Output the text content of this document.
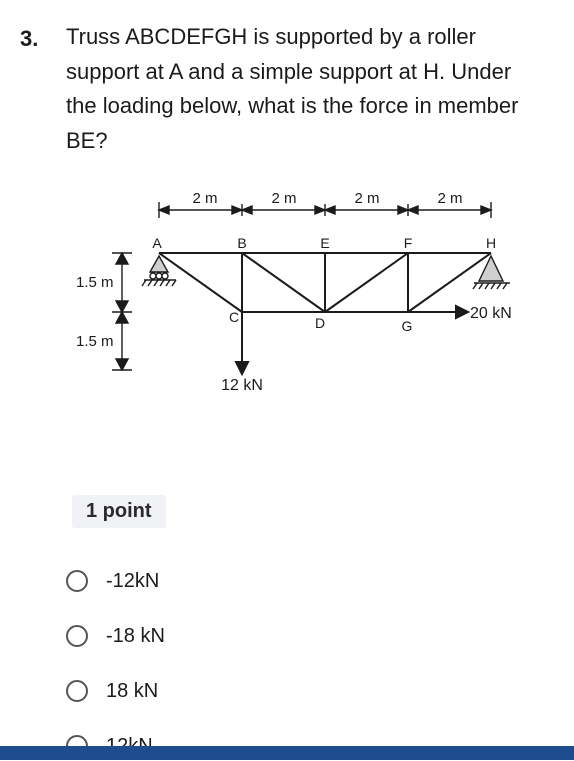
3. Truss ABCDEFGH is supported by a roller support at A and a simple support at H. Under the loading below, what is the force in member BE?
2 m	2 m	2 m	2 m
1.5 m
1.5 m
12 kN
20 kN
A	B
C	D
E	F
G
H
1 point
-12kN
-18 kN
18 kN
